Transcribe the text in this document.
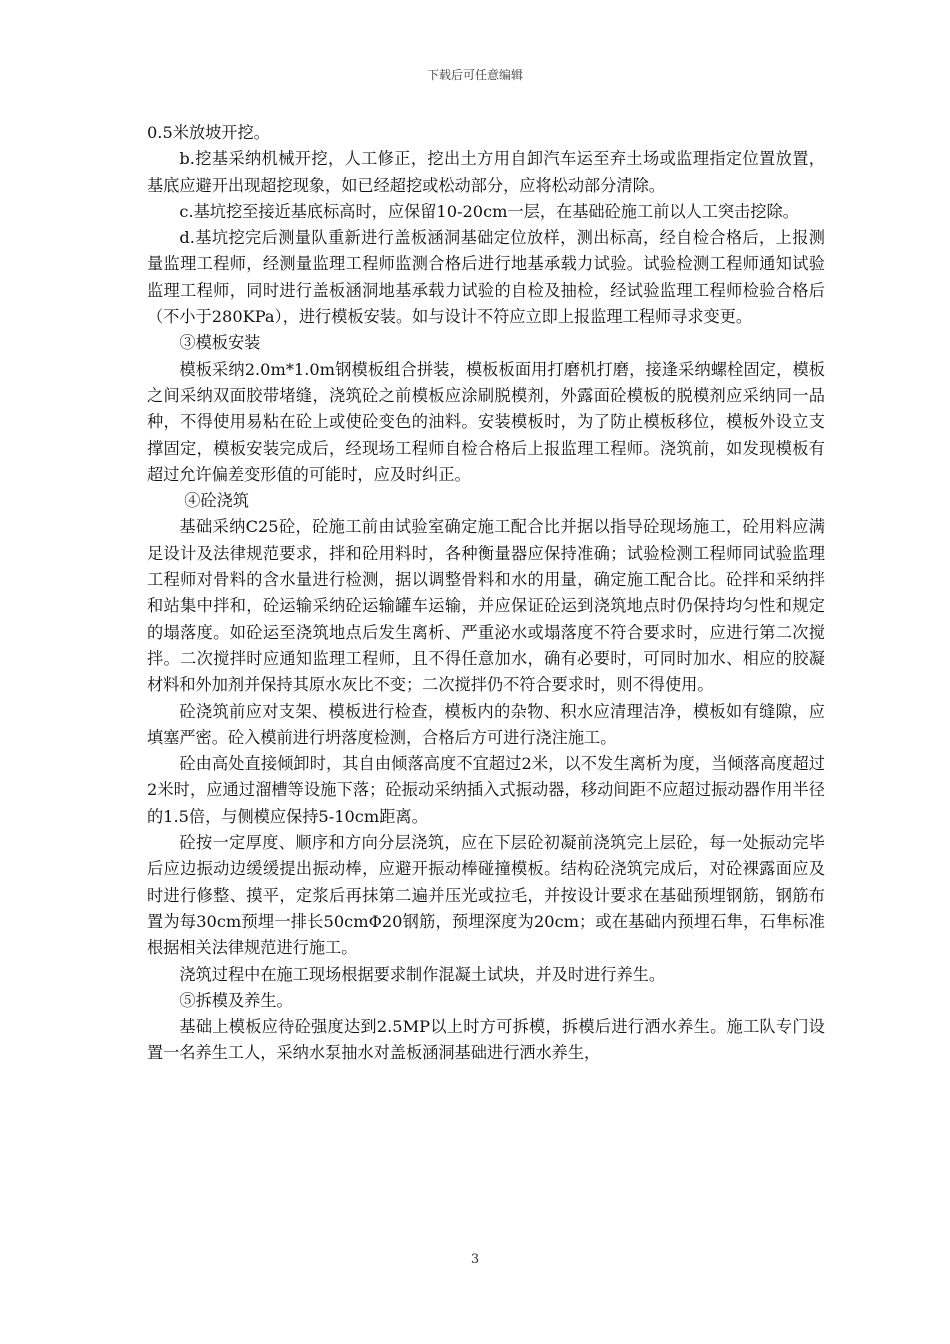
下载后可任意编辑

0.5米放坡开挖。

b.挖基采纳机械开挖，人工修正，挖出土方用自卸汽车运至弃土场或监理指定位置放置，基底应避开出现超挖现象，如已经超挖或松动部分，应将松动部分清除。

c.基坑挖至接近基底标高时，应保留10-20cm一层，在基础砼施工前以人工突击挖除。

d.基坑挖完后测量队重新进行盖板涵洞基础定位放样，测出标高，经自检合格后，上报测量监理工程师，经测量监理工程师监测合格后进行地基承载力试验。试验检测工程师通知试验监理工程师，同时进行盖板涵洞地基承载力试验的自检及抽检，经试验监理工程师检验合格后（不小于280KPa），进行模板安装。如与设计不符应立即上报监理工程师寻求变更。

③模板安装

模板采纳2.0m*1.0m钢模板组合拼装，模板板面用打磨机打磨，接逢采纳螺栓固定，模板之间采纳双面胶带堵缝，浇筑砼之前模板应涂刷脱模剂，外露面砼模板的脱模剂应采纳同一品种，不得使用易粘在砼上或使砼变色的油料。安装模板时，为了防止模板移位，模板外设立支撑固定，模板安装完成后，经现场工程师自检合格后上报监理工程师。浇筑前，如发现模板有超过允许偏差变形值的可能时，应及时纠正。

④砼浇筑

基础采纳C25砼，砼施工前由试验室确定施工配合比并据以指导砼现场施工，砼用料应满足设计及法律规范要求，拌和砼用料时，各种衡量器应保持准确；试验检测工程师同试验监理工程师对骨料的含水量进行检测，据以调整骨料和水的用量，确定施工配合比。砼拌和采纳拌和站集中拌和，砼运输采纳砼运输罐车运输，并应保证砼运到浇筑地点时仍保持均匀性和规定的塌落度。如砼运至浇筑地点后发生离析、严重泌水或塌落度不符合要求时，应进行第二次搅拌。二次搅拌时应通知监理工程师，且不得任意加水，确有必要时，可同时加水、相应的胶凝材料和外加剂并保持其原水灰比不变；二次搅拌仍不符合要求时，则不得使用。

砼浇筑前应对支架、模板进行检查，模板内的杂物、积水应清理洁净，模板如有缝隙，应填塞严密。砼入模前进行坍落度检测，合格后方可进行浇注施工。

砼由高处直接倾卸时，其自由倾落高度不宜超过2米，以不发生离析为度，当倾落高度超过2米时，应通过溜槽等设施下落；砼振动采纳插入式振动器，移动间距不应超过振动器作用半径的1.5倍，与侧模应保持5-10cm距离。

砼按一定厚度、顺序和方向分层浇筑，应在下层砼初凝前浇筑完上层砼，每一处振动完毕后应边振动边缓缓提出振动棒，应避开振动棒碰撞模板。结构砼浇筑完成后，对砼裸露面应及时进行修整、摸平，定浆后再抹第二遍并压光或拉毛，并按设计要求在基础预埋钢筋，钢筋布置为每30cm预埋一排长50cmΦ20钢筋，预埋深度为20cm；或在基础内预埋石隼，石隼标准根据相关法律规范进行施工。

浇筑过程中在施工现场根据要求制作混凝土试块，并及时进行养生。

⑤拆模及养生。

基础上模板应待砼强度达到2.5MP以上时方可拆模，拆模后进行洒水养生。施工队专门设置一名养生工人，采纳水泵抽水对盖板涵洞基础进行洒水养生，

3
